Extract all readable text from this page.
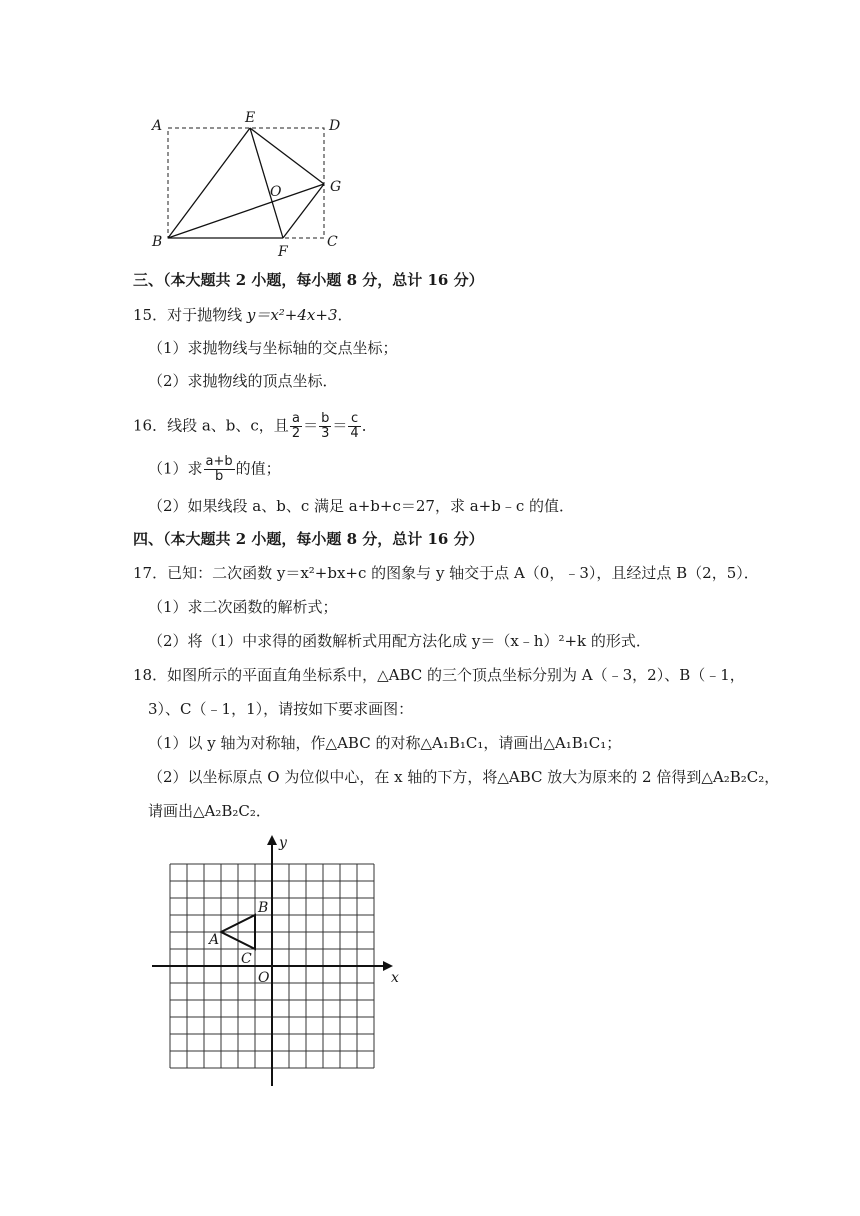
A	E	D
O	G
B
F
C
三、（本大题共 2 小题，每小题 8 分，总计 16 分）
15．对于抛物线 y＝x²+4x+3．
（1）求抛物线与坐标轴的交点坐标；
（2）求抛物线的顶点坐标．
16．线段 a、b、c，且 $\frac{a}{2} = \frac{b}{3} = \frac{c}{4}$ ．
（1）求 $\frac{a+b}{b}$ 的值；
（2）如果线段 a、b、c 满足 a+b+c＝27，求 a+b﹣c 的值．
四、（本大题共 2 小题，每小题 8 分，总计 16 分）
17．已知：二次函数 y＝x²+bx+c 的图象与 y 轴交于点 A（0，﹣3），且经过点 B（2，5）．
（1）求二次函数的解析式；
（2）将（1）中求得的函数解析式用配方法化成 y＝（x﹣h）²+k 的形式．
18．如图所示的平面直角坐标系中，△ABC 的三个顶点坐标分别为 A（﹣3，2）、B（﹣1，
3）、C（﹣1，1），请按如下要求画图：
（1）以 y 轴为对称轴，作△ABC 的对称△A₁B₁C₁，请画出△A₁B₁C₁；
（2）以坐标原点 O 为位似中心，在 x 轴的下方，将△ABC 放大为原来的 2 倍得到△A₂B₂C₂，
请画出△A₂B₂C₂．
x
y
O
A
B
C
